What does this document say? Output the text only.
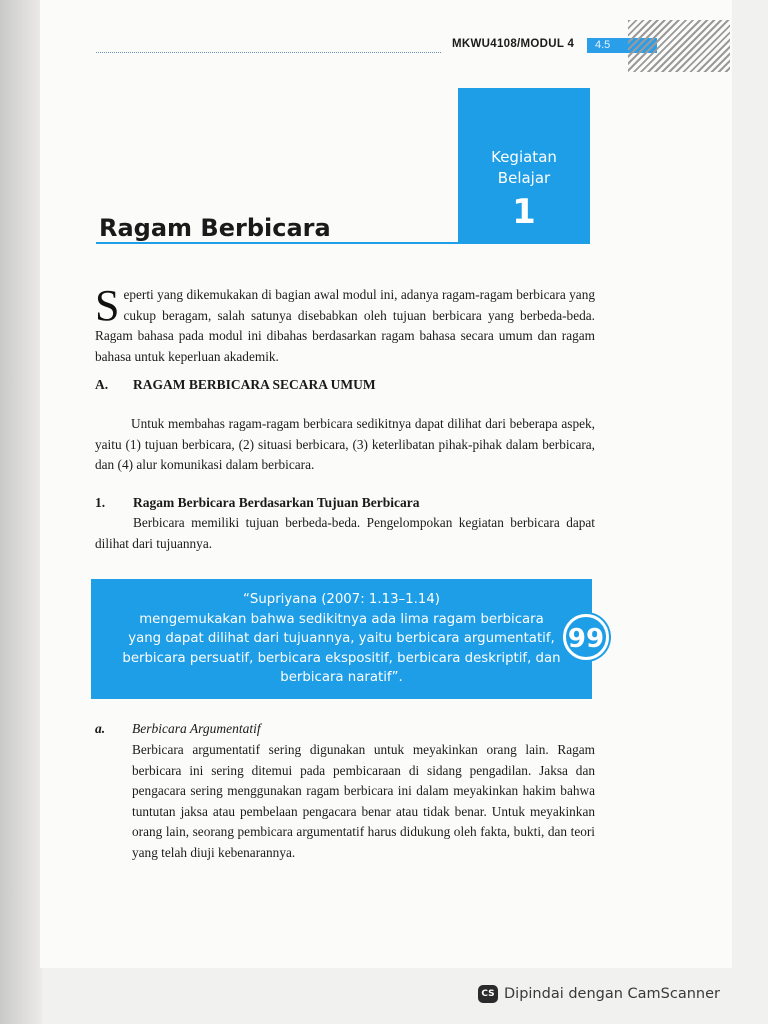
MKWU4108/MODUL 4	4.5
Kegiatan
Belajar
1
Ragam Berbicara
Seperti yang dikemukakan di bagian awal modul ini, adanya ragam-ragam berbicara yang cukup beragam, salah satunya disebabkan oleh tujuan berbicara yang berbeda-beda. Ragam bahasa pada modul ini dibahas berdasarkan ragam bahasa secara umum dan ragam bahasa untuk keperluan akademik.
A. RAGAM BERBICARA SECARA UMUM
Untuk membahas ragam-ragam berbicara sedikitnya dapat dilihat dari beberapa aspek, yaitu (1) tujuan berbicara, (2) situasi berbicara, (3) keterlibatan pihak-pihak dalam berbicara, dan (4) alur komunikasi dalam berbicara.
1. Ragam Berbicara Berdasarkan Tujuan Berbicara
Berbicara memiliki tujuan berbeda-beda. Pengelompokan kegiatan berbicara dapat dilihat dari tujuannya.
“Supriyana (2007: 1.13–1.14)
mengemukakan bahwa sedikitnya ada lima ragam berbicara
yang dapat dilihat dari tujuannya, yaitu berbicara argumentatif,
berbicara persuatif, berbicara ekspositif, berbicara deskriptif, dan
berbicara naratif”.
99
a. Berbicara Argumentatif
Berbicara argumentatif sering digunakan untuk meyakinkan orang lain. Ragam berbicara ini sering ditemui pada pembicaraan di sidang pengadilan. Jaksa dan pengacara sering menggunakan ragam berbicara ini dalam meyakinkan hakim bahwa tuntutan jaksa atau pembelaan pengacara benar atau tidak benar. Untuk meyakinkan orang lain, seorang pembicara argumentatif harus didukung oleh fakta, bukti, dan teori yang telah diuji kebenarannya.
CS Dipindai dengan CamScanner
